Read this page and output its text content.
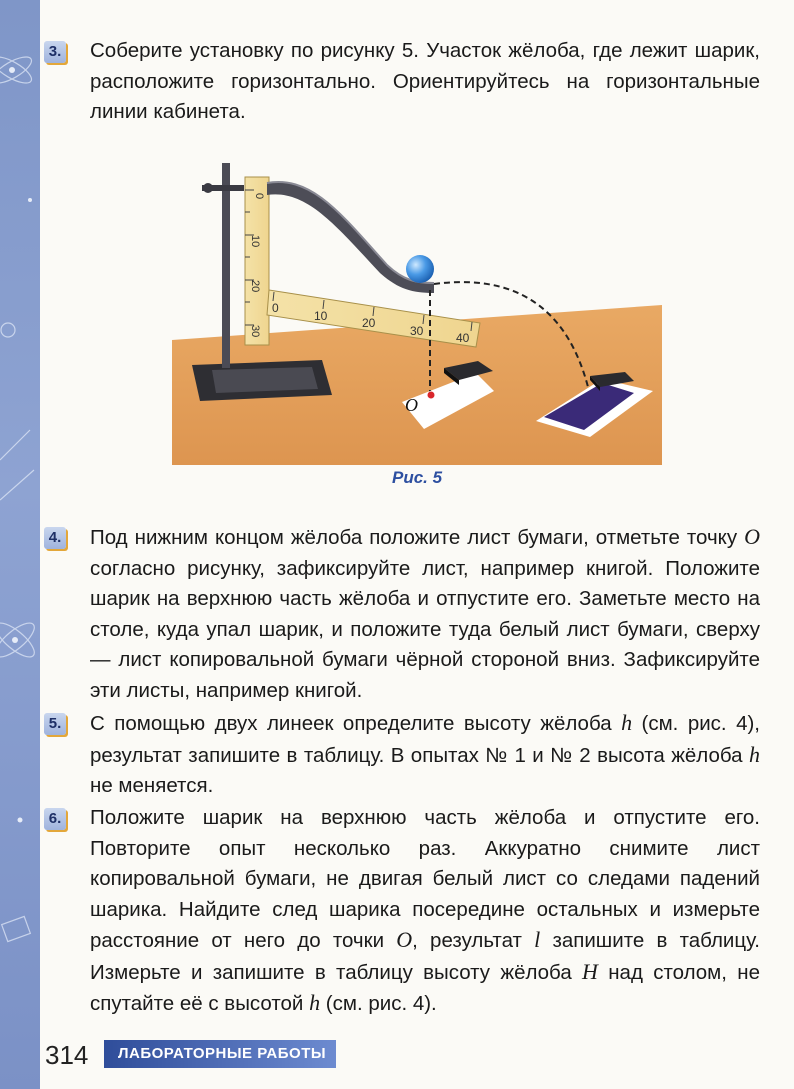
3.	Соберите установку по рисунку 5. Участок жёлоба, где лежит шарик, расположите горизонтально. Ориентируйтесь на горизонтальные линии кабинета.

0
10
20
30
0
10	20
30	40
O
Рис. 5
4.	Под нижним концом жёлоба положите лист бумаги, отметьте точку O согласно рисунку, зафиксируйте лист, например книгой. Положите шарик на верхнюю часть жёлоба и отпустите его. Заметьте место на столе, куда упал шарик, и положите туда белый лист бумаги, сверху — лист копировальной бумаги чёрной стороной вниз. Зафиксируйте эти листы, например книгой.

5.	С помощью двух линеек определите высоту жёлоба h (см. рис. 4), результат запишите в таблицу. В опытах № 1 и № 2 высота жёлоба h не меняется.

6.	Положите шарик на верхнюю часть жёлоба и отпустите его. Повторите опыт несколько раз. Аккуратно снимите лист копировальной бумаги, не двигая белый лист со следами падений шарика. Найдите след шарика посередине остальных и измерьте расстояние от него до точки O, результат l запишите в таблицу. Измерьте и запишите в таблицу высоту жёлоба H над столом, не спутайте её с высотой h (см. рис. 4).

314	ЛАБОРАТОРНЫЕ РАБОТЫ
